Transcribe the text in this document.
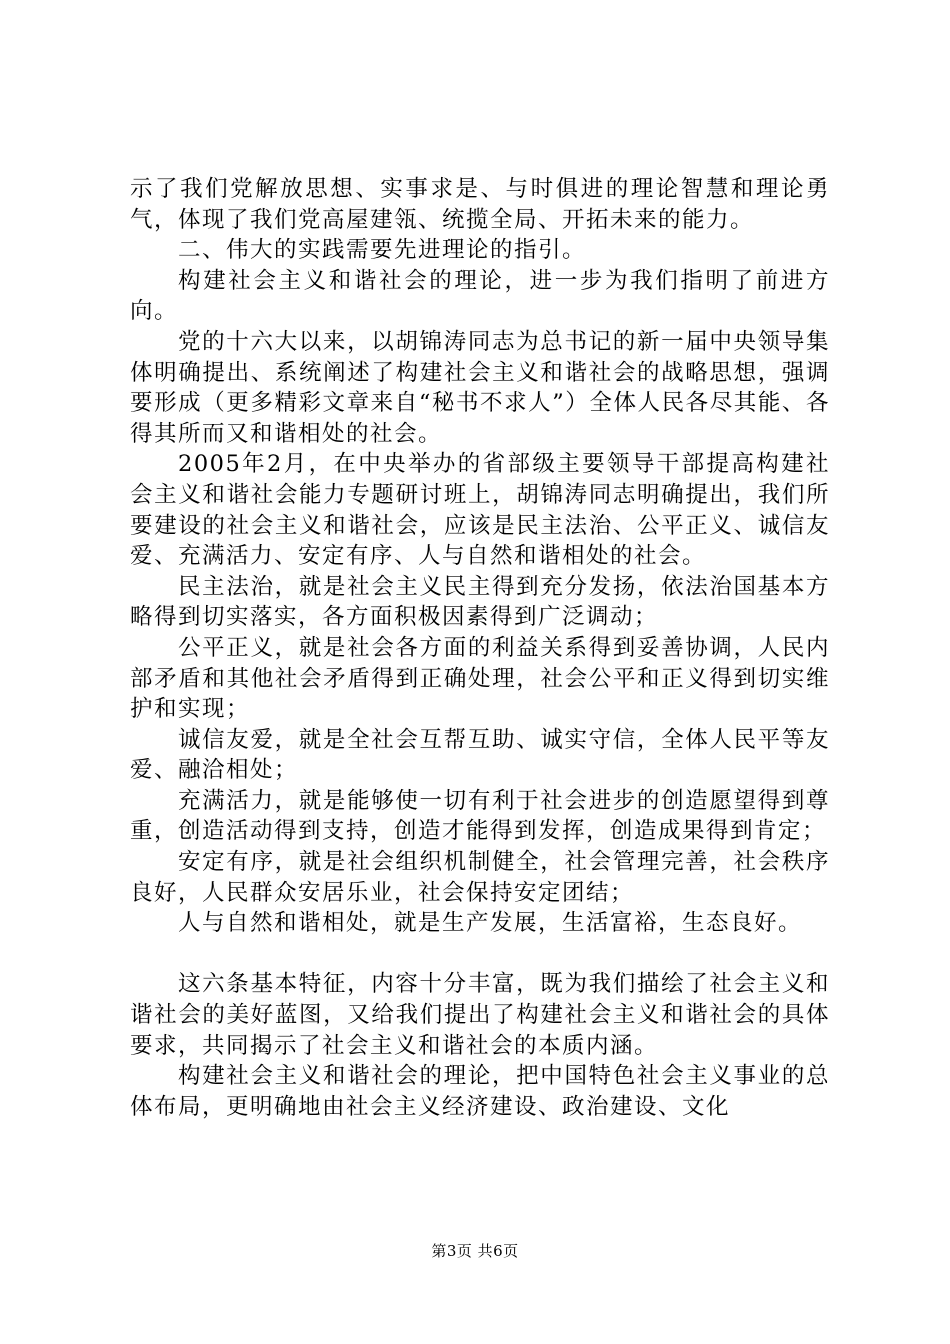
示了我们党解放思想、实事求是、与时俱进的理论智慧和理论勇气，体现了我们党高屋建瓴、统揽全局、开拓未来的能力。

二、伟大的实践需要先进理论的指引。

构建社会主义和谐社会的理论，进一步为我们指明了前进方向。

党的十六大以来，以胡锦涛同志为总书记的新一届中央领导集体明确提出、系统阐述了构建社会主义和谐社会的战略思想，强调要形成（更多精彩文章来自“秘书不求人”）全体人民各尽其能、各得其所而又和谐相处的社会。

2005年2月，在中央举办的省部级主要领导干部提高构建社会主义和谐社会能力专题研讨班上，胡锦涛同志明确提出，我们所要建设的社会主义和谐社会，应该是民主法治、公平正义、诚信友爱、充满活力、安定有序、人与自然和谐相处的社会。

民主法治，就是社会主义民主得到充分发扬，依法治国基本方略得到切实落实，各方面积极因素得到广泛调动；

公平正义，就是社会各方面的利益关系得到妥善协调，人民内部矛盾和其他社会矛盾得到正确处理，社会公平和正义得到切实维护和实现；

诚信友爱，就是全社会互帮互助、诚实守信，全体人民平等友爱、融洽相处；

充满活力，就是能够使一切有利于社会进步的创造愿望得到尊重，创造活动得到支持，创造才能得到发挥，创造成果得到肯定；

安定有序，就是社会组织机制健全，社会管理完善，社会秩序良好，人民群众安居乐业，社会保持安定团结；

人与自然和谐相处，就是生产发展，生活富裕，生态良好。

这六条基本特征，内容十分丰富，既为我们描绘了社会主义和谐社会的美好蓝图，又给我们提出了构建社会主义和谐社会的具体要求，共同揭示了社会主义和谐社会的本质内涵。

构建社会主义和谐社会的理论，把中国特色社会主义事业的总体布局，更明确地由社会主义经济建设、政治建设、文化

第3页 共6页
